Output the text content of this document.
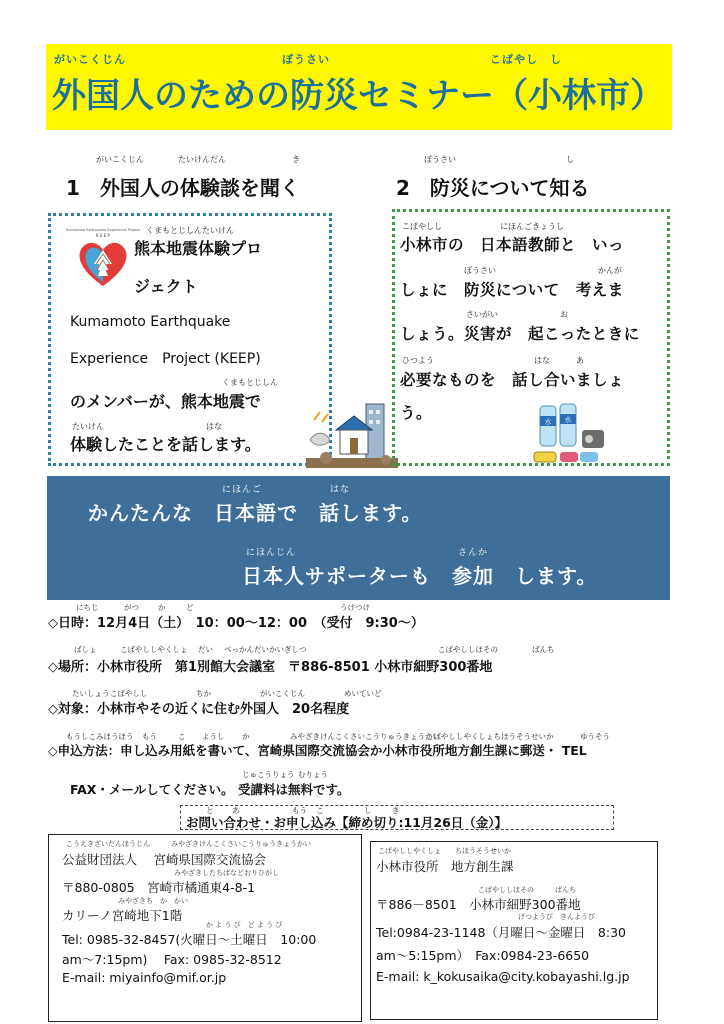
がいこくじん	ぼうさい	こばやし　し
外国人のための防災セミナー（小林市）
がいこくじん	たいけんだん	き
1　外国人の体験談を聞く
ぼうさい	し
2　防災について知る
Kumamoto Earthquake Experience Project
K E E P
くまもとじしんたいけん
熊本地震体験プロ
ジェクト
Kumamoto Earthquake
Experience　Project (KEEP)
くまもとじしん
のメンバーが、熊本地震で
たいけん	はな
体験したことを話します。
こばやしし	にほんごきょうし
小林市の　日本語教師と　いっ
ぼうさい	かんが
しょに　防災について　考えま
さいがい	お
しょう。災害が　起こったときに
ひつよう	はな	あ
必要なものを　話し合いましょ
う。	水 水
にほんご	はな
かんたんな　日本語で　話します。
にほんじん	さんか
日本人サポーターも　参加　します。
にちじ	がつ	か	ど	うけつけ
◇日時：12月4日（土）　10：00～12：00　（受付　9:30～）
ばしょ	こばやししやくしょ だい べっかんだいかいぎしつ	こばやししほその	ばんち
◇場所：小林市役所　第1別館大会議室　〒886-8501 小林市細野300番地
たいしょう こばやしし	ちか	がいこくじん	めいていど
◇対象：小林市やその近くに住む外国人　20名程度
もうしこみほうほう もう	こ ようし か	みやざきけんこくさいこうりゅうきょうかい
こばやししやくしょちほうそうせいか	ゆうそう
◇申込方法：申し込み用紙を書いて、宮崎県国際交流協会か小林市役所地方創生課に郵送・ TEL
じゅこうりょう むりょう
FAX・メールしてください。 受講料は無料です。
と あ	もう こ	し	き
お問い合わせ・お申し込み【締め切り:11月26日（金）】
こうえきざいだんほうじん　　　みやざきけんこくさいこうりゅうきょうかい
公益財団法人　 宮崎県国際交流協会
みやざきしたちばなどおりひがし
〒880-0805　宮崎市橘通東4-8-1
みやざきち　か　かい
カリーノ宮崎地下1階
か よ う び　ど よ う び
Tel: 0985-32-8457(火曜日～土曜日　10:00
am～7:15pm)　 Fax: 0985-32-8512
E-mail: miyainfo@mif.or.jp
こばやししやくしょ　　ちほうそうせいか
小林市役所　地方創生課
こばやししほその　　　ばんち
〒886－8501　小林市細野300番地
げつようび　きんようび
Tel:0984-23-1148（月曜日～金曜日　8:30
am～5:15pm）　Fax:0984-23-6650
E-mail: k_kokusaika@city.kobayashi.lg.jp
